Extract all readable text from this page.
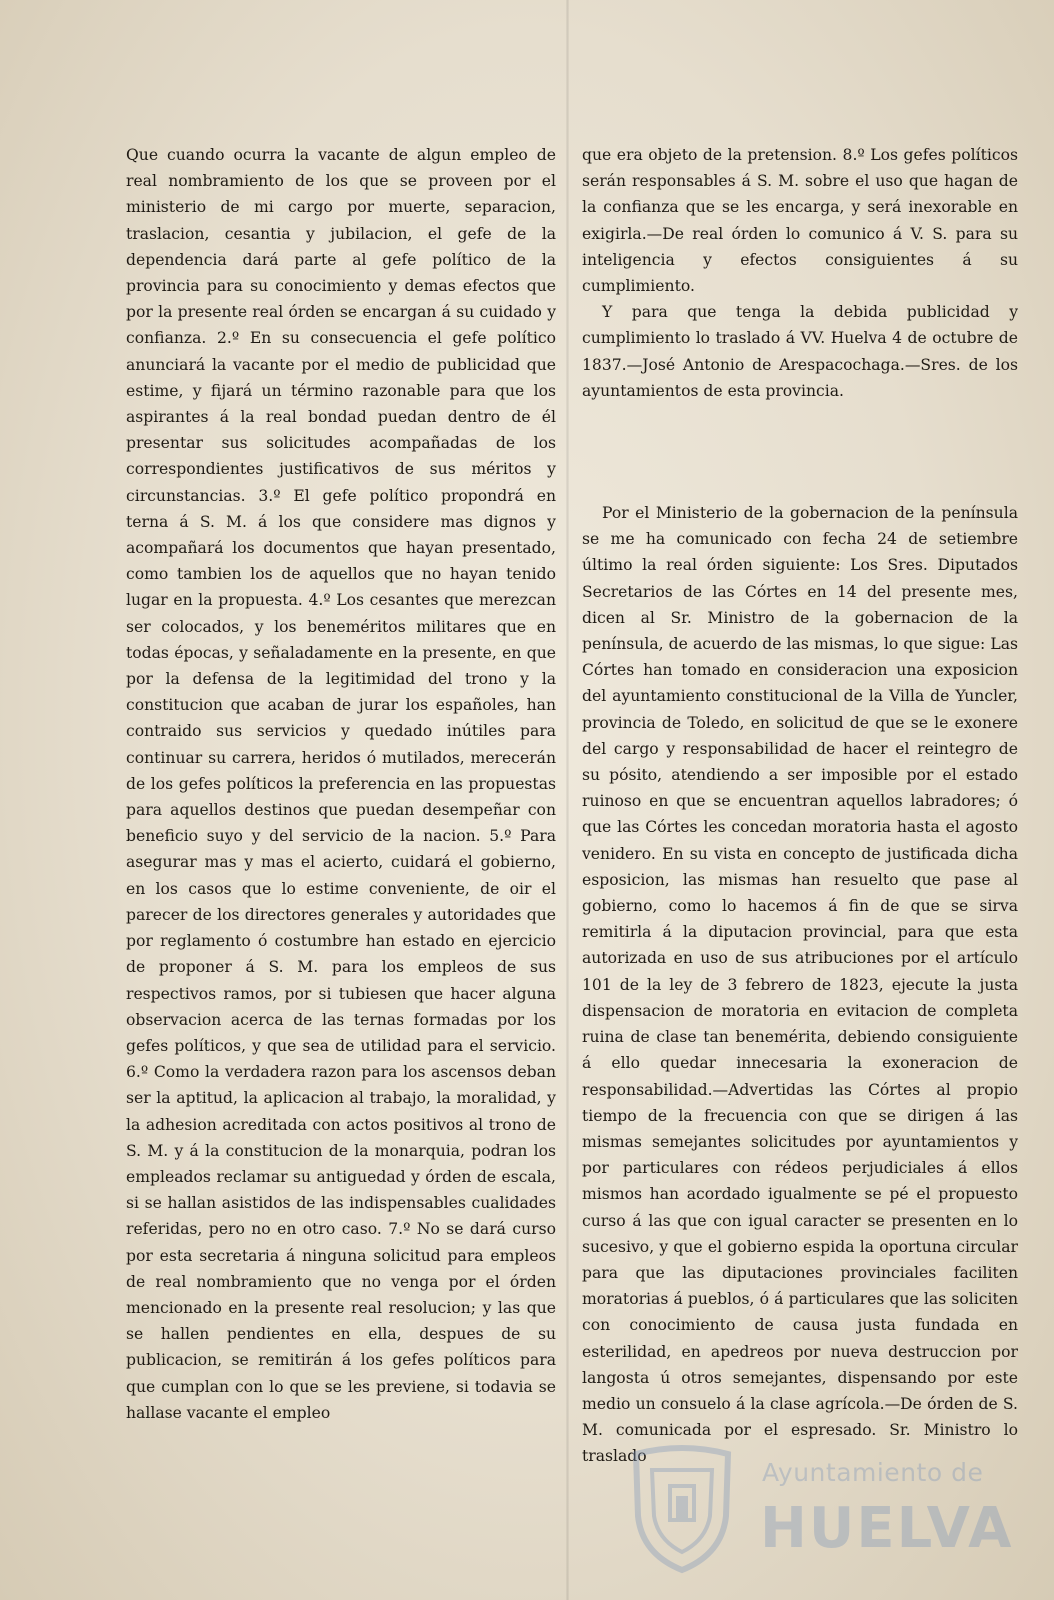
Que cuando ocurra la vacante de algun empleo de real nombramiento de los que se proveen por el ministerio de mi cargo por muerte, separacion, traslacion, cesantia y jubilacion, el gefe de la dependencia dará parte al gefe político de la provincia para su conocimiento y demas efectos que por la presente real órden se encargan á su cuidado y confianza. 2.º En su consecuencia el gefe político anunciará la vacante por el medio de publicidad que estime, y fijará un término razonable para que los aspirantes á la real bondad puedan dentro de él presentar sus solicitudes acompañadas de los correspondientes justificativos de sus méritos y circunstancias. 3.º El gefe político propondrá en terna á S. M. á los que considere mas dignos y acompañará los documentos que hayan presentado, como tambien los de aquellos que no hayan tenido lugar en la propuesta. 4.º Los cesantes que merezcan ser colocados, y los beneméritos militares que en todas épocas, y señaladamente en la presente, en que por la defensa de la legitimidad del trono y la constitucion que acaban de jurar los españoles, han contraido sus servicios y quedado inútiles para continuar su carrera, heridos ó mutilados, merecerán de los gefes políticos la preferencia en las propuestas para aquellos destinos que puedan desempeñar con beneficio suyo y del servicio de la nacion. 5.º Para asegurar mas y mas el acierto, cuidará el gobierno, en los casos que lo estime conveniente, de oir el parecer de los directores generales y autoridades que por reglamento ó costumbre han estado en ejercicio de proponer á S. M. para los empleos de sus respectivos ramos, por si tubiesen que hacer alguna observacion acerca de las ternas formadas por los gefes políticos, y que sea de utilidad para el servicio. 6.º Como la verdadera razon para los ascensos deban ser la aptitud, la aplicacion al trabajo, la moralidad, y la adhesion acreditada con actos positivos al trono de S. M. y á la constitucion de la monarquia, podran los empleados reclamar su antiguedad y órden de escala, si se hallan asistidos de las indispensables cualidades referidas, pero no en otro caso. 7.º No se dará curso por esta secretaria á ninguna solicitud para empleos de real nombramiento que no venga por el órden mencionado en la presente real resolucion; y las que se hallen pendientes en ella, despues de su publicacion, se remitirán á los gefes políticos para que cumplan con lo que se les previene, si todavia se hallase vacante el empleo

que era objeto de la pretension. 8.º Los gefes políticos serán responsables á S. M. sobre el uso que hagan de la confianza que se les encarga, y será inexorable en exigirla.—De real órden lo comunico á V. S. para su inteligencia y efectos consiguientes á su cumplimiento.

Y para que tenga la debida publicidad y cumplimiento lo traslado á VV. Huelva 4 de octubre de 1837.—José Antonio de Arespacochaga.—Sres. de los ayuntamientos de esta provincia.

Por el Ministerio de la gobernacion de la península se me ha comunicado con fecha 24 de setiembre último la real órden siguiente: Los Sres. Diputados Secretarios de las Córtes en 14 del presente mes, dicen al Sr. Ministro de la gobernacion de la península, de acuerdo de las mismas, lo que sigue: Las Córtes han tomado en consideracion una exposicion del ayuntamiento constitucional de la Villa de Yuncler, provincia de Toledo, en solicitud de que se le exonere del cargo y responsabilidad de hacer el reintegro de su pósito, atendiendo a ser imposible por el estado ruinoso en que se encuentran aquellos labradores; ó que las Córtes les concedan moratoria hasta el agosto venidero. En su vista en concepto de justificada dicha esposicion, las mismas han resuelto que pase al gobierno, como lo hacemos á fin de que se sirva remitirla á la diputacion provincial, para que esta autorizada en uso de sus atribuciones por el artículo 101 de la ley de 3 febrero de 1823, ejecute la justa dispensacion de moratoria en evitacion de completa ruina de clase tan benemérita, debiendo consiguiente á ello quedar innecesaria la exoneracion de responsabilidad.—Advertidas las Córtes al propio tiempo de la frecuencia con que se dirigen á las mismas semejantes solicitudes por ayuntamientos y por particulares con rédeos perjudiciales á ellos mismos han acordado igualmente se pé el propuesto curso á las que con igual caracter se presenten en lo sucesivo, y que el gobierno espida la oportuna circular para que las diputaciones provinciales faciliten moratorias á pueblos, ó á particulares que las soliciten con conocimiento de causa justa fundada en esterilidad, en apedreos por nueva destruccion por langosta ú otros semejantes, dispensando por este medio un consuelo á la clase agrícola.—De órden de S. M. comunicada por el espresado. Sr. Ministro lo traslado

Ayuntamiento de
HUELVA
